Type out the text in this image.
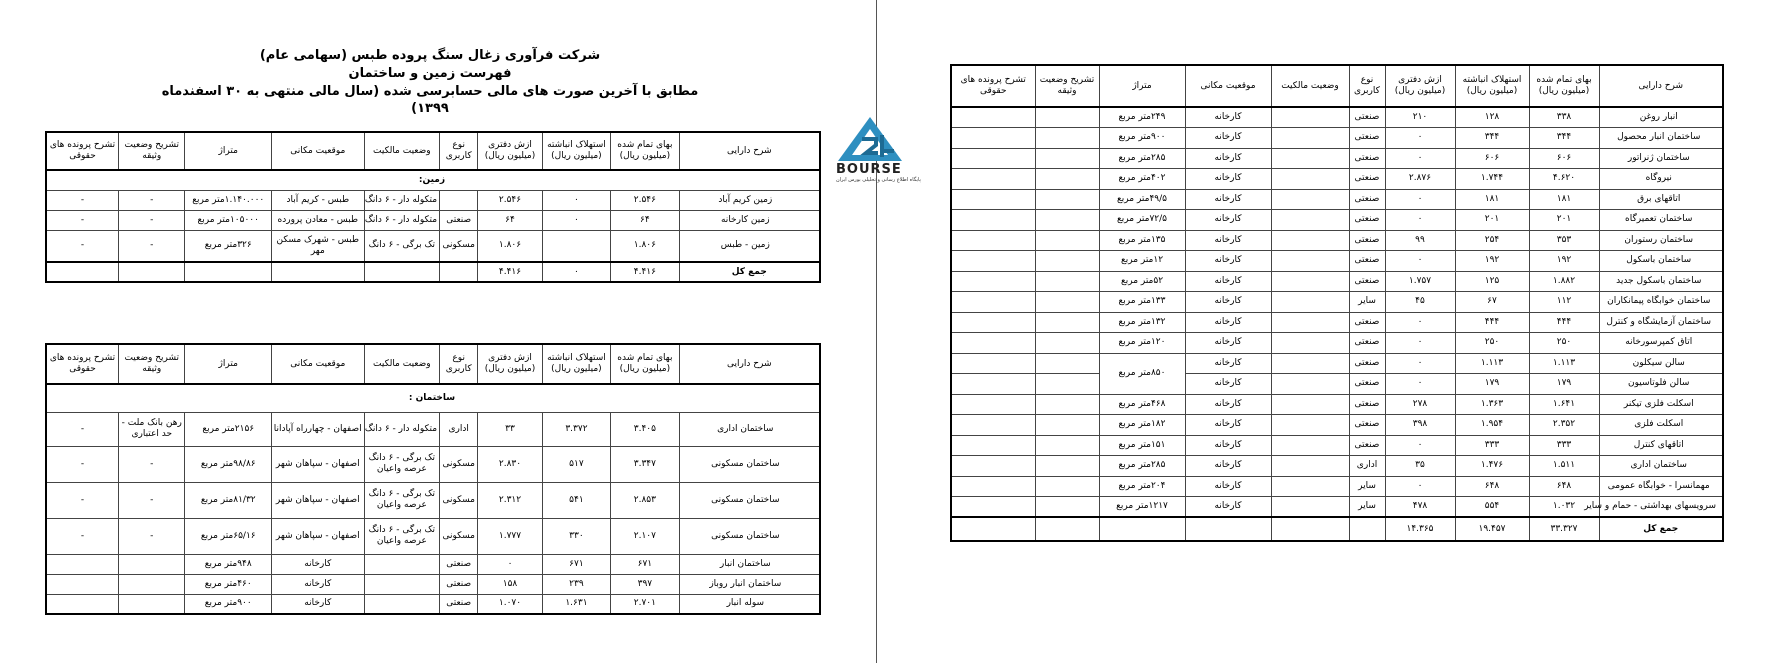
شرکت فرآوری زغال سنگ پروده طبس (سهامی عام)
فهرست زمین و ساختمان
مطابق با آخرین صورت های مالی حسابرسی شده (سال مالی منتهی به ۳۰ اسفندماه ۱۳۹۹)
BOURSE
پایگاه اطلاع رسانی و تحلیلی بورس ایران
شرح دارایی	بهای تمام شده (میلیون ریال)	استهلاک انباشته (میلیون ریال)	ازش دفتری (میلیون ریال)	نوع کاربری	وضعیت مالکیت	موقعیت مکانی	متراژ	تشریح وضعیت وثیقه	تشرح پرونده های حقوقی
زمین:									
زمین کریم آباد	۲.۵۴۶	۰	۲.۵۴۶		متکوله دار - ۶ دانگ	طبس - کریم آباد	۱.۱۴۰.۰۰۰متر مربع	-	-
زمین کارخانه	۶۴	۰	۶۴	صنعتی	متکوله دار - ۶ دانگ	طبس - معادن پرورده	۱۰۵۰۰۰متر مربع	-	-
زمین - طبس	۱.۸۰۶		۱.۸۰۶	مسکونی	تک برگی - ۶ دانگ	طبس - شهرک مسکن مهر	۳۲۶متر مربع	-	-
جمع کل	۴.۴۱۶	۰	۴.۴۱۶						
شرح دارایی	بهای تمام شده (میلیون ریال)	استهلاک انباشته (میلیون ریال)	ازش دفتری (میلیون ریال)	نوع کاربری	وضعیت مالکیت	موقعیت مکانی	متراژ	تشریح وضعیت وثیقه	تشرح پرونده های حقوقی
ساختمان :									
ساختمان اداری	۳.۴۰۵	۳.۳۷۲	۳۳	اداری	متکوله دار - ۶ دانگ	اصفهان - چهارراه آپادانا	۲۱۵۶متر مربع	رهن بانک ملت - حد اعتباری	-
ساختمان مسکونی	۳.۳۴۷	۵۱۷	۲.۸۳۰	مسکونی	تک برگی - ۶ دانگ عرصه واعیان	اصفهان - سپاهان شهر	۹۸/۸۶متر مربع	-	-
ساختمان مسکونی	۲.۸۵۳	۵۴۱	۲.۳۱۲	مسکونی	تک برگی - ۶ دانگ عرصه واعیان	اصفهان - سپاهان شهر	۸۱/۳۲متر مربع	-	-
ساختمان مسکونی	۲.۱۰۷	۳۳۰	۱.۷۷۷	مسکونی	تک برگی - ۶ دانگ عرصه واعیان	اصفهان - سپاهان شهر	۶۵/۱۶متر مربع	-	-
ساختمان انبار	۶۷۱	۶۷۱	۰	صنعتی		کارخانه	۹۴۸متر مربع		
ساختمان انبار روباز	۳۹۷	۲۳۹	۱۵۸	صنعتی		کارخانه	۴۶۰متر مربع		
سوله انبار	۲.۷۰۱	۱.۶۳۱	۱.۰۷۰	صنعتی		کارخانه	۹۰۰متر مربع		
شرح دارایی	بهای تمام شده (میلیون ریال)	استهلاک انباشته (میلیون ریال)	ازش دفتری (میلیون ریال)	نوع کاربری	وضعیت مالکیت	موقعیت مکانی	متراژ	تشریح وضعیت وثیقه	تشرح پرونده های حقوقی
انبار روغن	۳۳۸	۱۲۸	۲۱۰	صنعتی		کارخانه	۲۴۹متر مربع		
ساختمان انبار محصول	۳۴۴	۳۴۴	۰	صنعتی		کارخانه	۹۰۰متر مربع		
ساختمان ژنراتور	۶۰۶	۶۰۶	۰	صنعتی		کارخانه	۲۸۵متر مربع		
نیروگاه	۴.۶۲۰	۱.۷۴۴	۲.۸۷۶	صنعتی		کارخانه	۴۰۲متر مربع		
اتاقهای برق	۱۸۱	۱۸۱	۰	صنعتی		کارخانه	۴۹/۵متر مربع		
ساختمان تعمیرگاه	۲۰۱	۲۰۱	۰	صنعتی		کارخانه	۷۲/۵متر مربع		
ساختمان رستوران	۳۵۳	۲۵۴	۹۹	صنعتی		کارخانه	۱۳۵متر مربع		
ساختمان باسکول	۱۹۲	۱۹۲	۰	صنعتی		کارخانه	۱۲متر مربع		
ساختمان باسکول جدید	۱.۸۸۲	۱۲۵	۱.۷۵۷	صنعتی		کارخانه	۵۲متر مربع		
ساختمان خوابگاه پیمانکاران	۱۱۲	۶۷	۴۵	سایر		کارخانه	۱۳۳متر مربع		
ساختمان آزمایشگاه و کنترل	۴۴۴	۴۴۴	۰	صنعتی		کارخانه	۱۳۲متر مربع		
اتاق کمپرسورخانه	۲۵۰	۲۵۰	۰	صنعتی		کارخانه	۱۲۰متر مربع		
سالن سیکلون	۱.۱۱۳	۱.۱۱۳	۰	صنعتی		کارخانه	۸۵۰متر مربع		
سالن فلوتاسیون	۱۷۹	۱۷۹	۰	صنعتی		کارخانه			
اسکلت فلزی تیکنر	۱.۶۴۱	۱.۳۶۳	۲۷۸	صنعتی		کارخانه	۴۶۸متر مربع		
اسکلت فلزی	۲.۳۵۲	۱.۹۵۴	۳۹۸	صنعتی		کارخانه	۱۸۲متر مربع		
اتاقهای کنترل	۳۳۳	۳۳۳	۰	صنعتی		کارخانه	۱۵۱متر مربع		
ساختمان اداری	۱.۵۱۱	۱.۴۷۶	۳۵	اداری		کارخانه	۲۸۵متر مربع		
مهمانسرا - خوابگاه عمومی	۶۴۸	۶۴۸	۰	سایر		کارخانه	۲۰۴متر مربع		
سرویسهای بهداشتی - حمام و سایر	۱.۰۳۲	۵۵۴	۴۷۸	سایر		کارخانه	۱۲۱۷متر مربع		
جمع کل	۳۳.۳۲۷	۱۹.۴۵۷	۱۴.۳۶۵						
